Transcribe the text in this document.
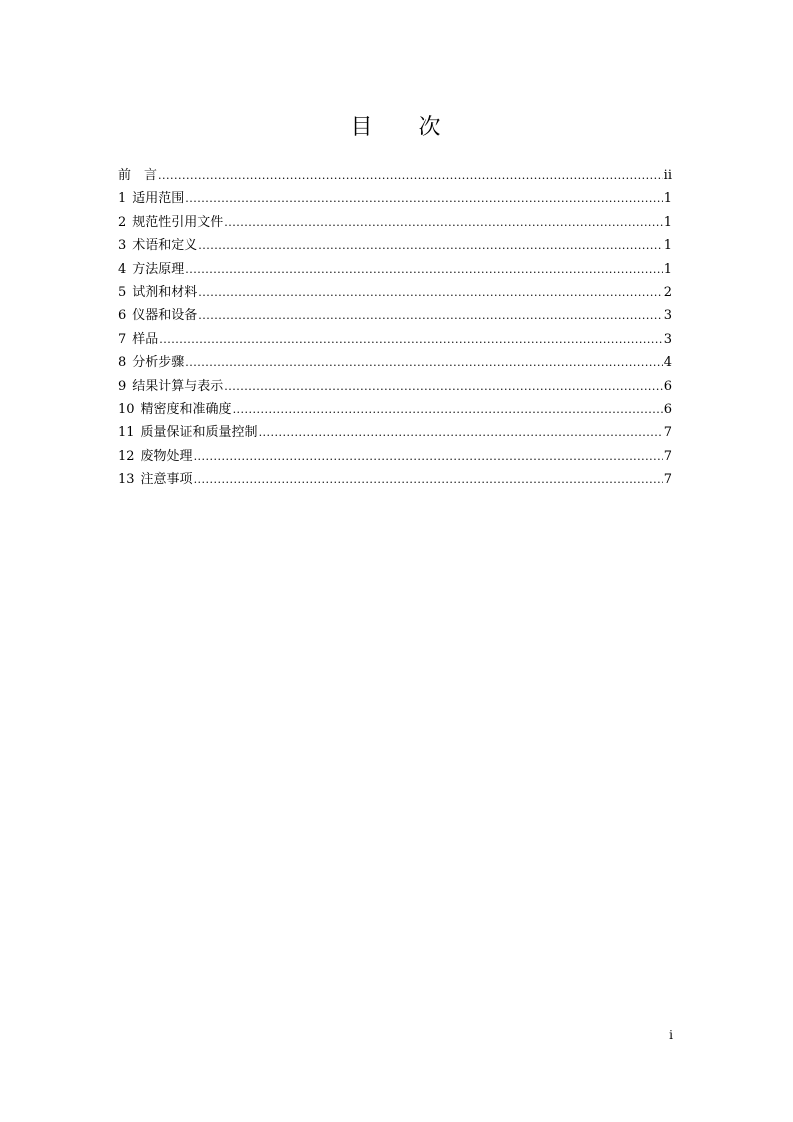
目 次
前　言 .....	ii
1 适用范围 .....	1
2 规范性引用文件 .....	1
3 术语和定义 .....	1
4 方法原理 .....	1
5 试剂和材料 .....	2
6 仪器和设备 .....	3
7 样品 .....	3
8 分析步骤 .....	4
9 结果计算与表示 .....	6
10 精密度和准确度 .....	6
11 质量保证和质量控制 .....	7
12 废物处理 .....	7
13 注意事项 .....	7
i
